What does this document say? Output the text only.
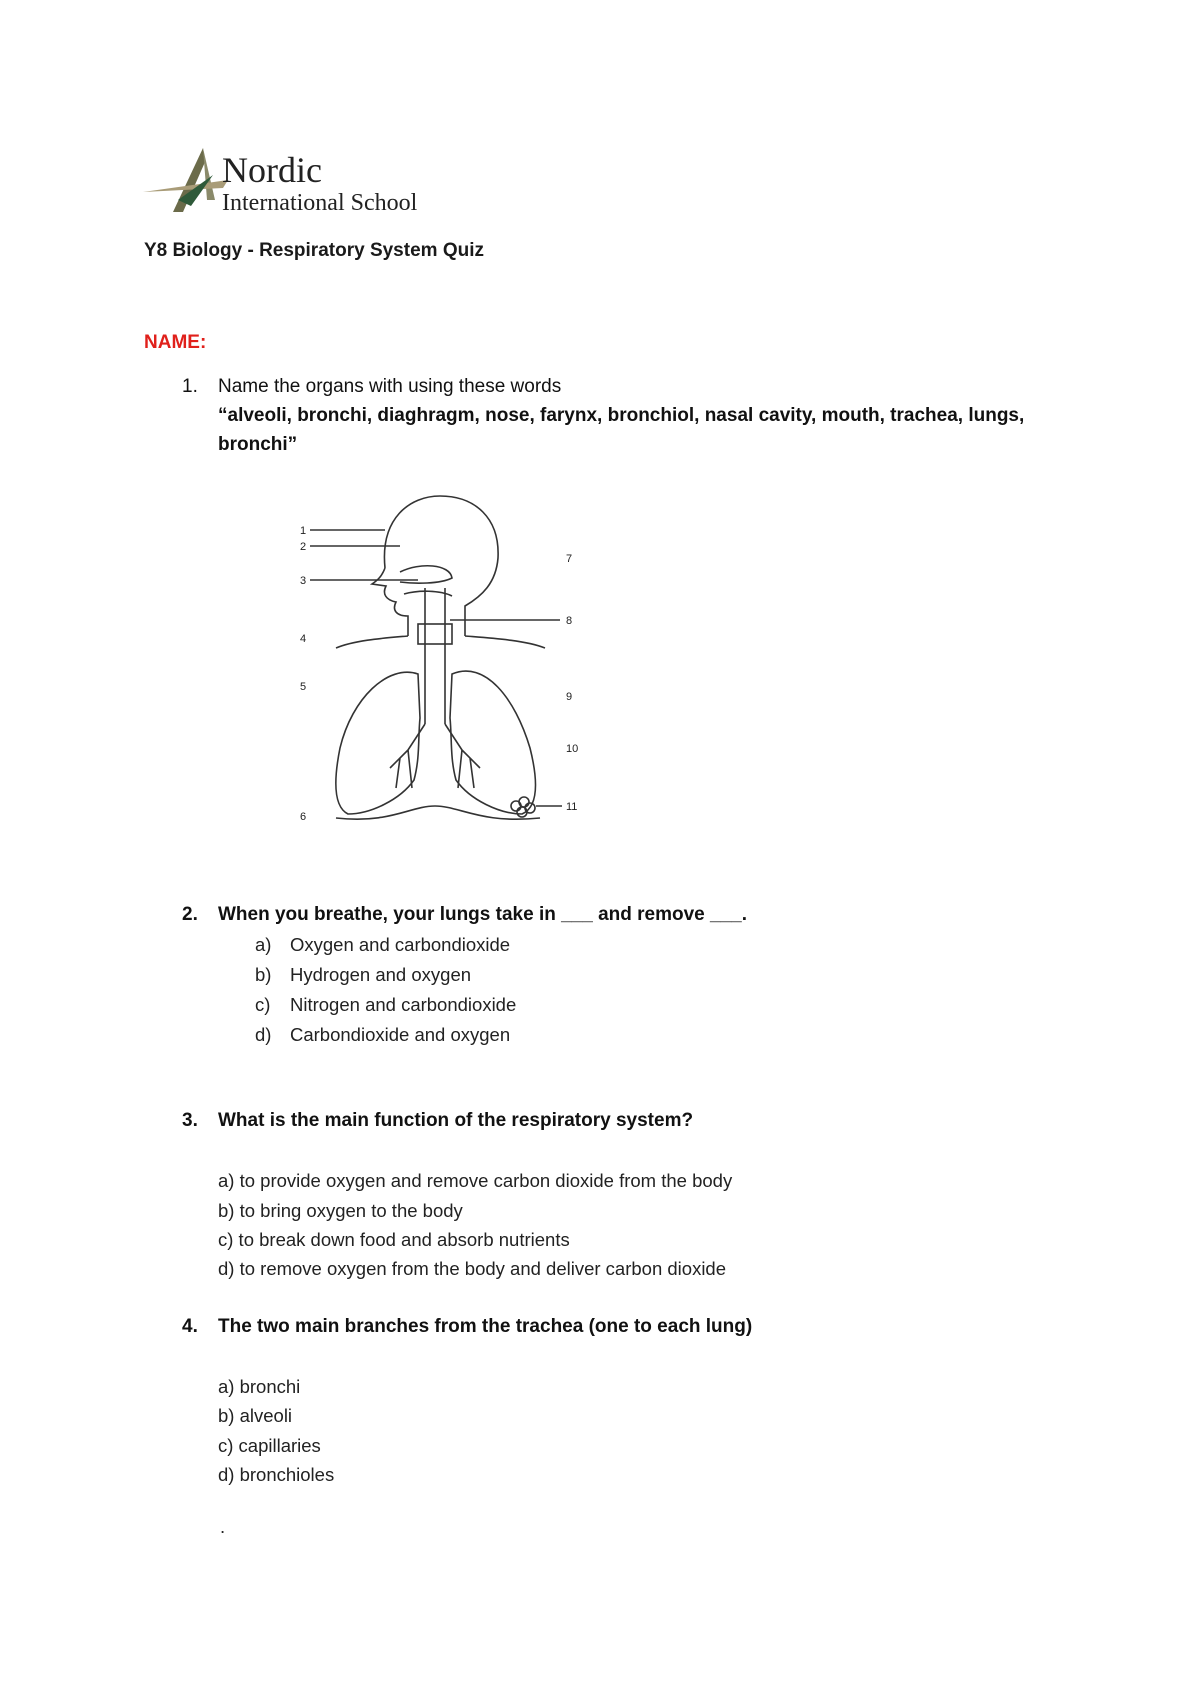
Nordic
International School
Y8 Biology - Respiratory System Quiz
NAME:
1. Name the organs with using these words
“alveoli, bronchi, diaghragm, nose, farynx, bronchiol, nasal cavity, mouth, trachea, lungs,
bronchi”
1
2
3
4
5
6
7
8
9
10
11
2. When you breathe, your lungs take in ___ and remove ___.
a) Oxygen and carbondioxide
b) Hydrogen and oxygen
c) Nitrogen and carbondioxide
d) Carbondioxide and oxygen
3. What is the main function of the respiratory system?
a) to provide oxygen and remove carbon dioxide from the body
b) to bring oxygen to the body
c) to break down food and absorb nutrients
d) to remove oxygen from the body and deliver carbon dioxide
4. The two main branches from the trachea (one to each lung)
a) bronchi
b) alveoli
c) capillaries
d) bronchioles
.
